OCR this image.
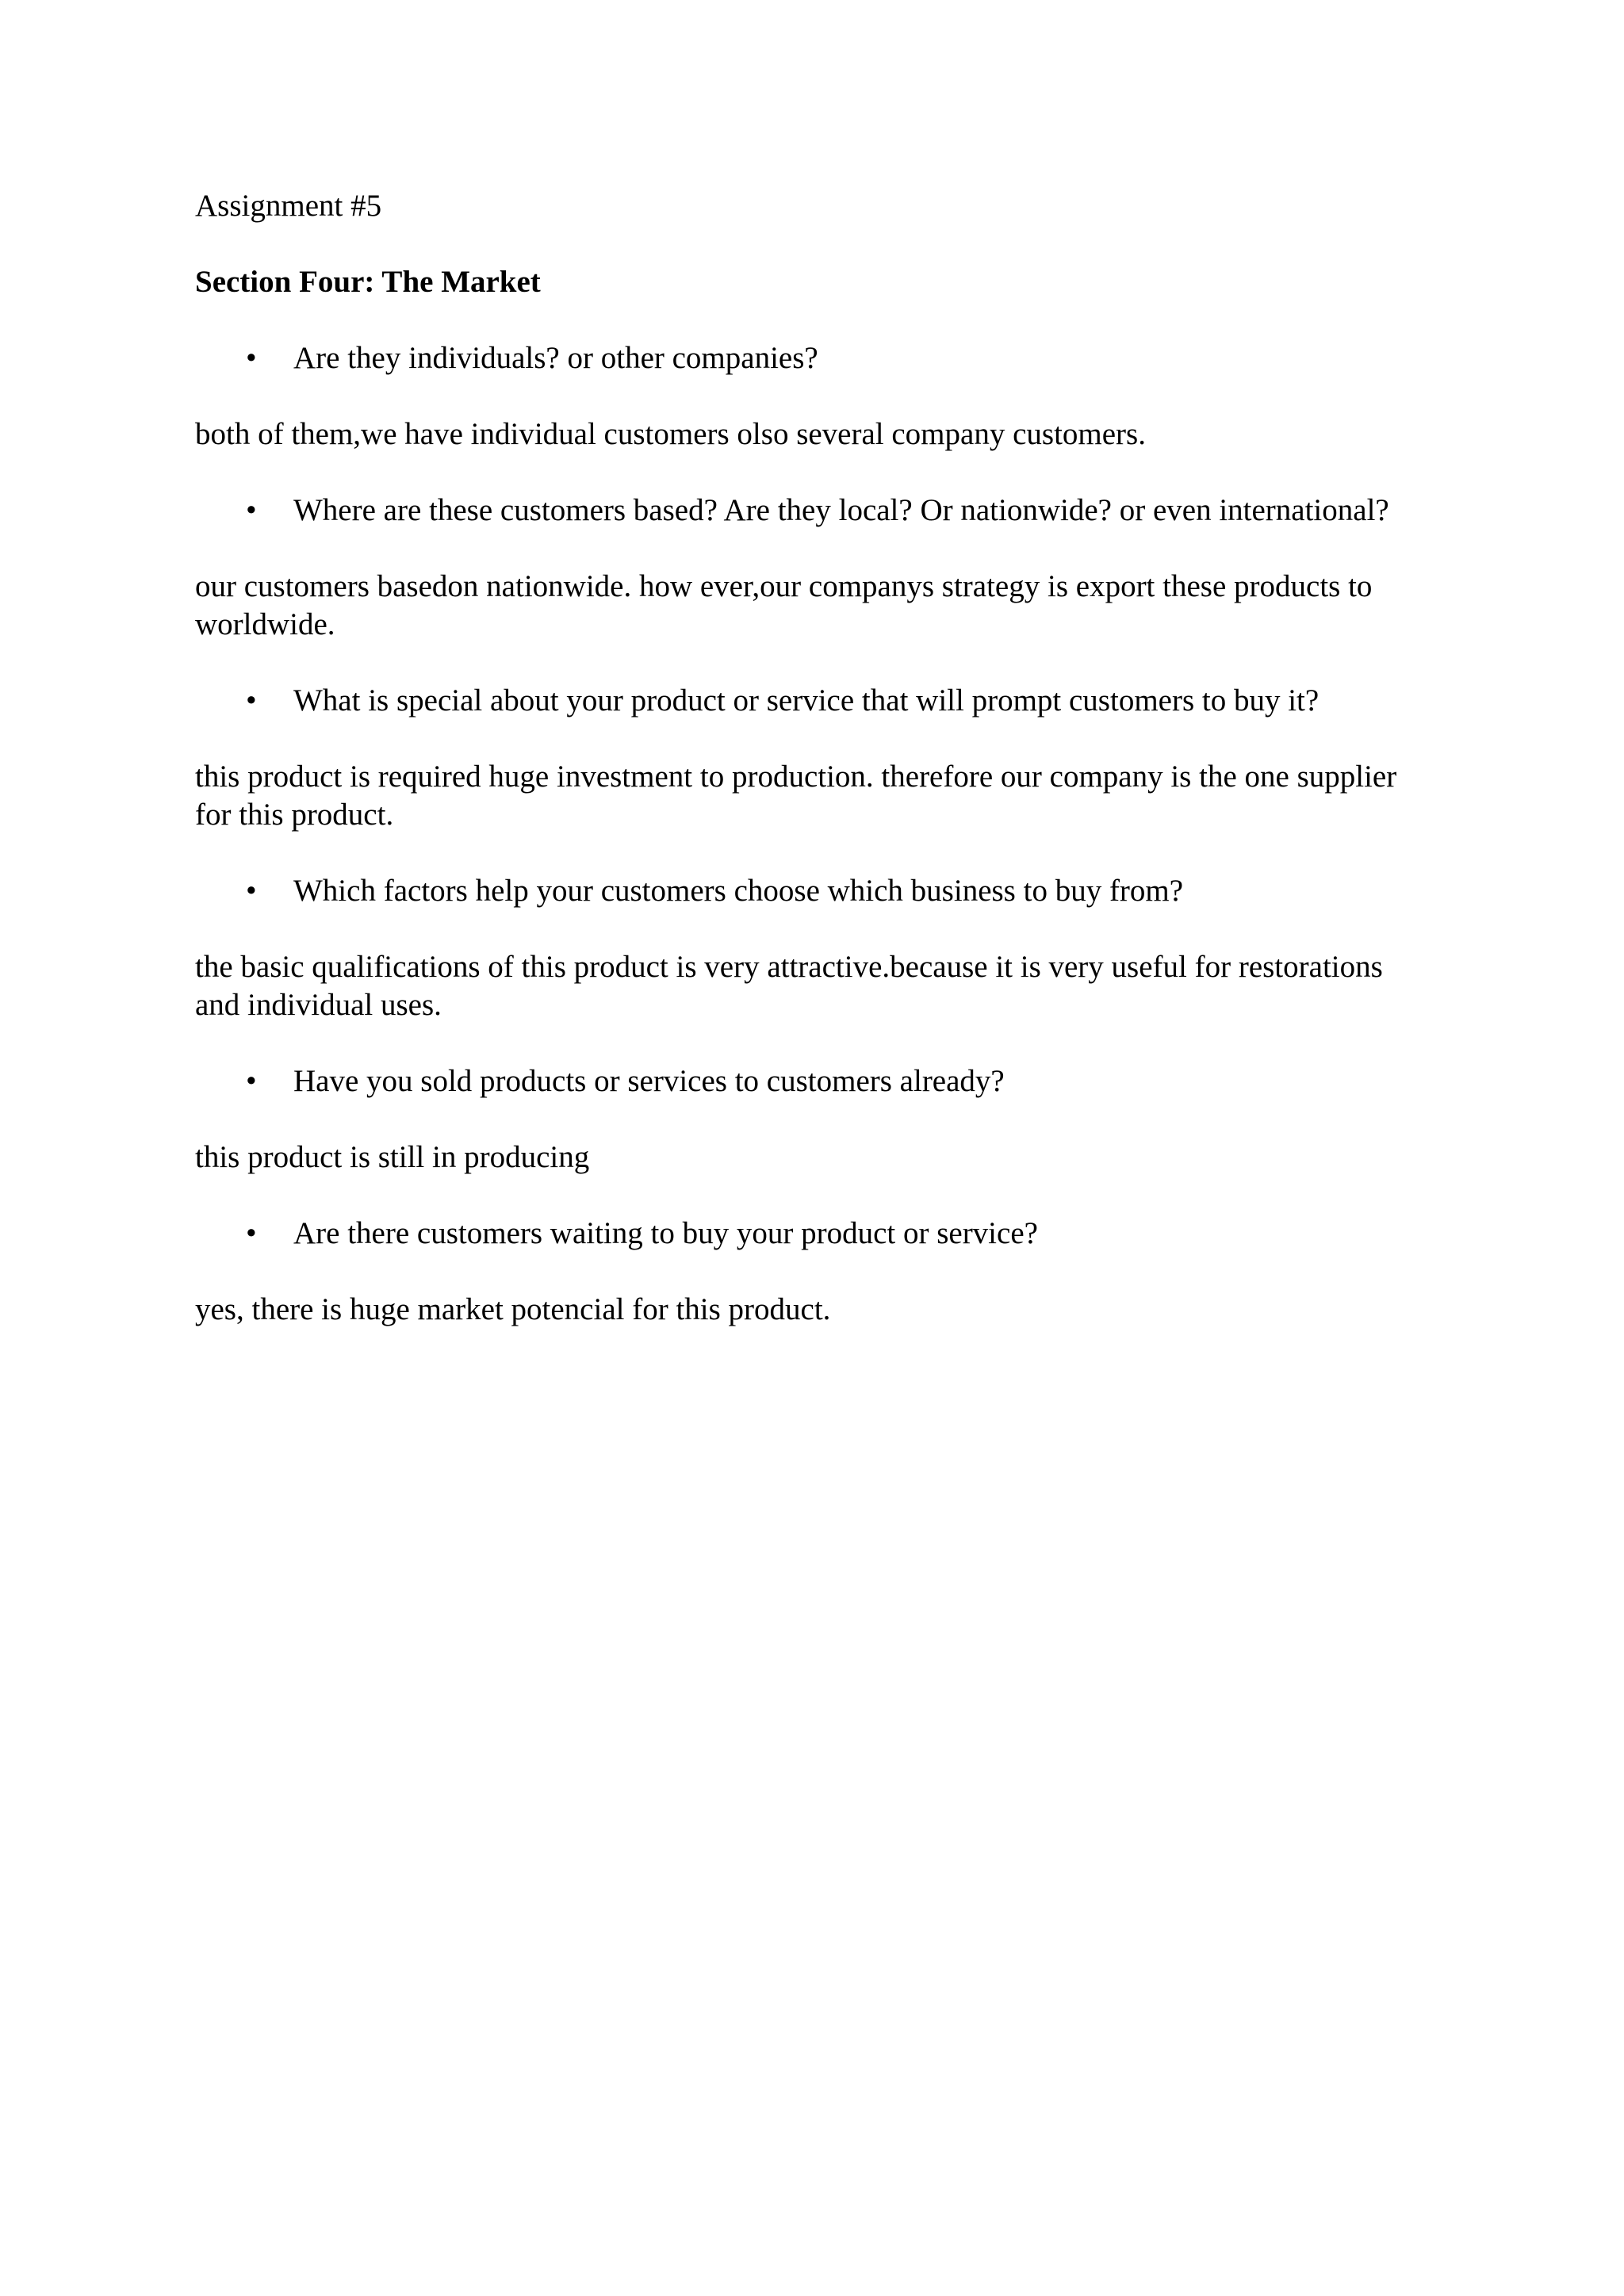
Assignment #5

Section Four: The Market

• Are they individuals? or other companies?

both of them,we have individual customers olso several company customers.

• Where are these customers based? Are they local? Or nationwide? or even international?

our customers basedon nationwide. how ever,our companys strategy is export these products to worldwide.

• What is special about your product or service that will prompt customers to buy it?

this product is required huge investment to production. therefore our company is the one supplier for this product.

• Which factors help your customers choose which business to buy from?

the basic qualifications of this product is very attractive.because it is very useful for restorations and individual uses.

• Have you sold products or services to customers already?

this product is still in producing

• Are there customers waiting to buy your product or service?

yes, there is huge market potencial for this product.
